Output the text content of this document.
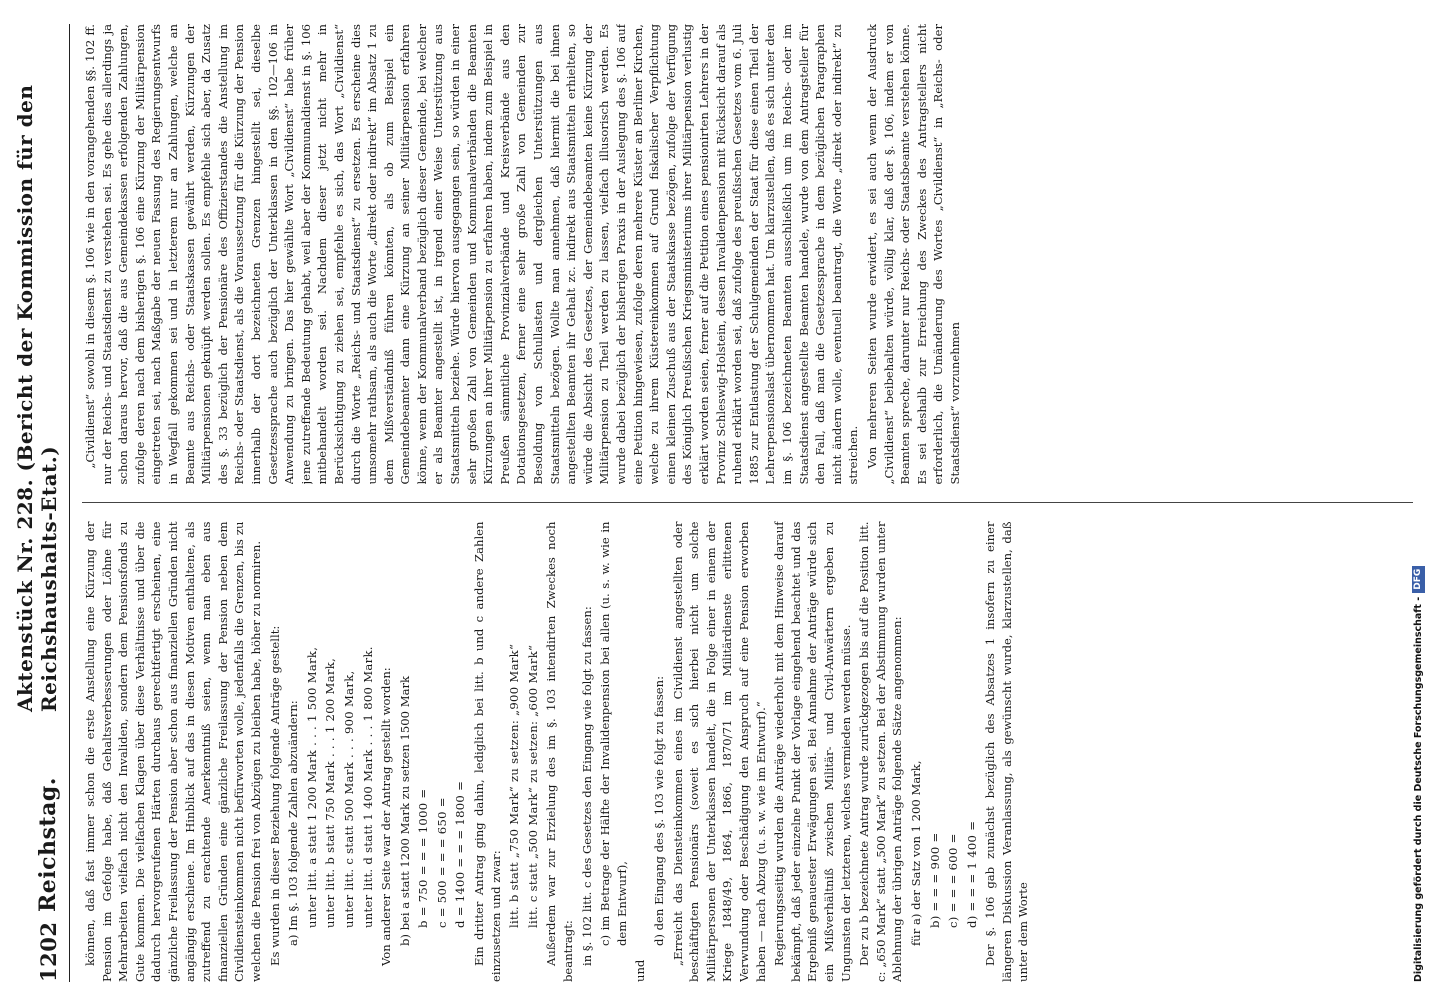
1202
Reichstag.
Aktenstück Nr. 228. (Bericht der Kommission für den Reichshaushalts-Etat.) können, daß fast immer schon die erste Anstellung eine Kürzung der Pension im Gefolge habe, daß Gehaltsverbesserungen oder Löhne für Mehrarbeiten vielfach nicht den Invaliden, sondern dem Pensionsfonds zu Gute kommen. Die vielfachen Klagen über diese Verhältnisse und über die dadurch hervorgerufenen Härten durchaus gerechtfertigt erscheinen, eine gänzliche Freilassung der Pension aber schon aus finanziellen Gründen nicht angängig erschiene. Im Hinblick auf das in diesen Motiven enthaltene, als zutreffend zu erachtende Anerkenntniß seien, wenn man eben aus finanziellen Gründen eine gänzliche Freilassung der Pension neben dem Civildiensteinkommen nicht befürworten wolle, jedenfalls die Grenzen, bis zu welchen die Pension frei von Abzügen zu bleiben habe, höher zu normiren. Es wurden in dieser Beziehung folgende Anträge gestellt: a) Im §. 103 folgende Zahlen abzuändern: unter litt. a statt 1 200 Mark . . . 1 500 Mark, unter litt. b statt 750 Mark . . . 1 200 Mark, unter litt. c statt 500 Mark . . . 900 Mark, unter litt. d statt 1 400 Mark . . . 1 800 Mark. Von anderer Seite war der Antrag gestellt worden: b) bei a statt 1200 Mark zu setzen 1500 Mark b = 750 = = = 1000 = c = 500 = = = 650 = d = 1400 = = = 1800 = Ein dritter Antrag ging dahin, lediglich bei litt. b und c andere Zahlen einzusetzen und zwar: litt. b statt „750 Mark“ zu setzen: „900 Mark“ litt. c statt „500 Mark“ zu setzen: „600 Mark“ Außerdem war zur Erzielung des im §. 103 intendirten Zweckes noch beantragt: in §. 102 litt. c des Gesetzes den Eingang wie folgt zu fassen: c) im Betrage der Hälfte der Invalidenpension bei allen (u. s. w. wie in dem Entwurf),

und

d) den Eingang des §. 103 wie folgt zu fassen: „Erreicht das Diensteinkommen eines im Civildienst angestellten oder beschäftigten Pensionärs (soweit es sich hierbei nicht um solche Militärpersonen der Unterklassen handelt, die in Folge einer in einem der Kriege 1848/49, 1864, 1866, 1870/71 im Militärdienste erlittenen Verwundung oder Beschädigung den Anspruch auf eine Pension erworben haben — nach Abzug (u. s. w. wie im Entwurf).“ Regierungsseitig wurden die Anträge wiederholt mit dem Hinweise darauf bekämpft, daß jeder einzelne Punkt der Vorlage eingehend beachtet und das Ergebniß genauester Erwägungen sei. Bei Annahme der Anträge würde sich ein Mißverhältniß zwischen Militär- und Civil-Anwärtern ergeben zu Ungunsten der letzteren, welches vermieden werden müsse. Der zu b bezeichnete Antrag wurde zurückgezogen bis auf die Position litt. c: „650 Mark“ statt „500 Mark“ zu setzen. Bei der Abstimmung wurden unter Ablehnung der übrigen Anträge folgende Sätze angenommen: für a) der Satz von 1 200 Mark, b) = = = 900 = c) = = = 600 = d) = = = 1 400 = Der §. 106 gab zunächst bezüglich des Absatzes 1 insofern zu einer längeren Diskussion Veranlassung, als gewünscht wurde, klarzustellen, daß unter dem Worte

„Civildienst“ sowohl in diesem §. 106 wie in den vorangehenden §§. 102 ff. nur der Reichs- und Staatsdienst zu verstehen sei. Es gehe dies allerdings ja schon daraus hervor, daß die aus Gemeindekassen erfolgenden Zahlungen, zufolge deren nach dem bisherigen §. 106 eine Kürzung der Militärpension eingetreten sei, nach Maßgabe der neuen Fassung des Regierungsentwurfs in Wegfall gekommen sei und in letzterem nur an Zahlungen, welche an Beamte aus Reichs- oder Staatskassen gewährt werden, Kürzungen der Militärpensionen geknüpft werden sollen. Es empfehle sich aber, da Zusatz des §. 33 bezüglich der Pensionäre des Offizierstandes die Anstellung im Reichs- oder Staatsdienst, als die Voraussetzung für die Kürzung der Pension innerhalb der dort bezeichneten Grenzen hingestellt sei, dieselbe Gesetzessprache auch bezüglich der Unterklassen in den §§. 102—106 in Anwendung zu bringen. Das hier gewählte Wort „Civildienst“ habe früher jene zutreffende Bedeutung gehabt, weil aber der Kommunaldienst in §. 106 mitbehandelt worden sei. Nachdem dieser jetzt nicht mehr in Berücksichtigung zu ziehen sei, empfehle es sich, das Wort „Civildienst“ durch die Worte „Reichs- und Staatsdienst“ zu ersetzen. Es erscheine dies umsomehr rathsam, als auch die Worte „direkt oder indirekt“ im Absatz 1 zu dem Mißverständniß führen könnten, als ob zum Beispiel ein Gemeindebeamter dann eine Kürzung an seiner Militärpension erfahren könne, wenn der Kommunalverband bezüglich dieser Gemeinde, bei welcher er als Beamter angestellt ist, in irgend einer Weise Unterstützung aus Staatsmitteln beziehe. Würde hiervon ausgegangen sein, so würden in einer sehr großen Zahl von Gemeinden und Kommunalverbänden die Beamten Kürzungen an ihrer Militärpension zu erfahren haben, indem zum Beispiel in Preußen sämmtliche Provinzialverbände und Kreisverbände aus den Dotationsgesetzen, ferner eine sehr große Zahl von Gemeinden zur Besoldung von Schullasten und dergleichen Unterstützungen aus Staatsmitteln bezögen. Wollte man annehmen, daß hiermit die bei ihnen angestellten Beamten ihr Gehalt zc. indirekt aus Staatsmitteln erhielten, so würde die Absicht des Gesetzes, der Gemeindebeamten keine Kürzung der Militärpension zu Theil werden zu lassen, vielfach illusorisch werden. Es wurde dabei bezüglich der bisherigen Praxis in der Auslegung des §. 106 auf eine Petition hingewiesen, zufolge deren mehrere Küster an Berliner Kirchen, welche zu ihrem Küstereinkommen auf Grund fiskalischer Verpflichtung einen kleinen Zuschuß aus der Staatskasse bezögen, zufolge der Verfügung des Königlich Preußischen Kriegsministeriums ihrer Militärpension verlustig erklärt worden seien, ferner auf die Petition eines pensionirten Lehrers in der Provinz Schleswig-Holstein, dessen Invalidenpension mit Rücksicht darauf als ruhend erklärt worden sei, daß zufolge des preußischen Gesetzes vom 6. Juli 1885 zur Entlastung der Schulgemeinden der Staat für diese einen Theil der Lehrerpensionslast übernommen hat. Um klarzustellen, daß es sich unter den im §. 106 bezeichneten Beamten ausschließlich um im Reichs- oder im Staatsdienst angestellte Beamten handele, wurde von dem Antragsteller für den Fall, daß man die Gesetzessprache in dem bezüglichen Paragraphen nicht ändern wolle, eventuell beantragt, die Worte „direkt oder indirekt“ zu streichen. Von mehreren Seiten wurde erwidert, es sei auch wenn der Ausdruck „Civildienst“ beibehalten würde, völlig klar, daß der §. 106, indem er von Beamten spreche, darunter nur Reichs- oder Staatsbeamte verstehen könne. Es sei deshalb zur Erreichung des Zweckes des Antragstellers nicht erforderlich, die Umänderung des Wortes „Civildienst“ in „Reichs- oder Staatsdienst“ vorzunehmen

Digitalisierung gefördert durch die Deutsche Forschungsgemeinschaft -
DFG
